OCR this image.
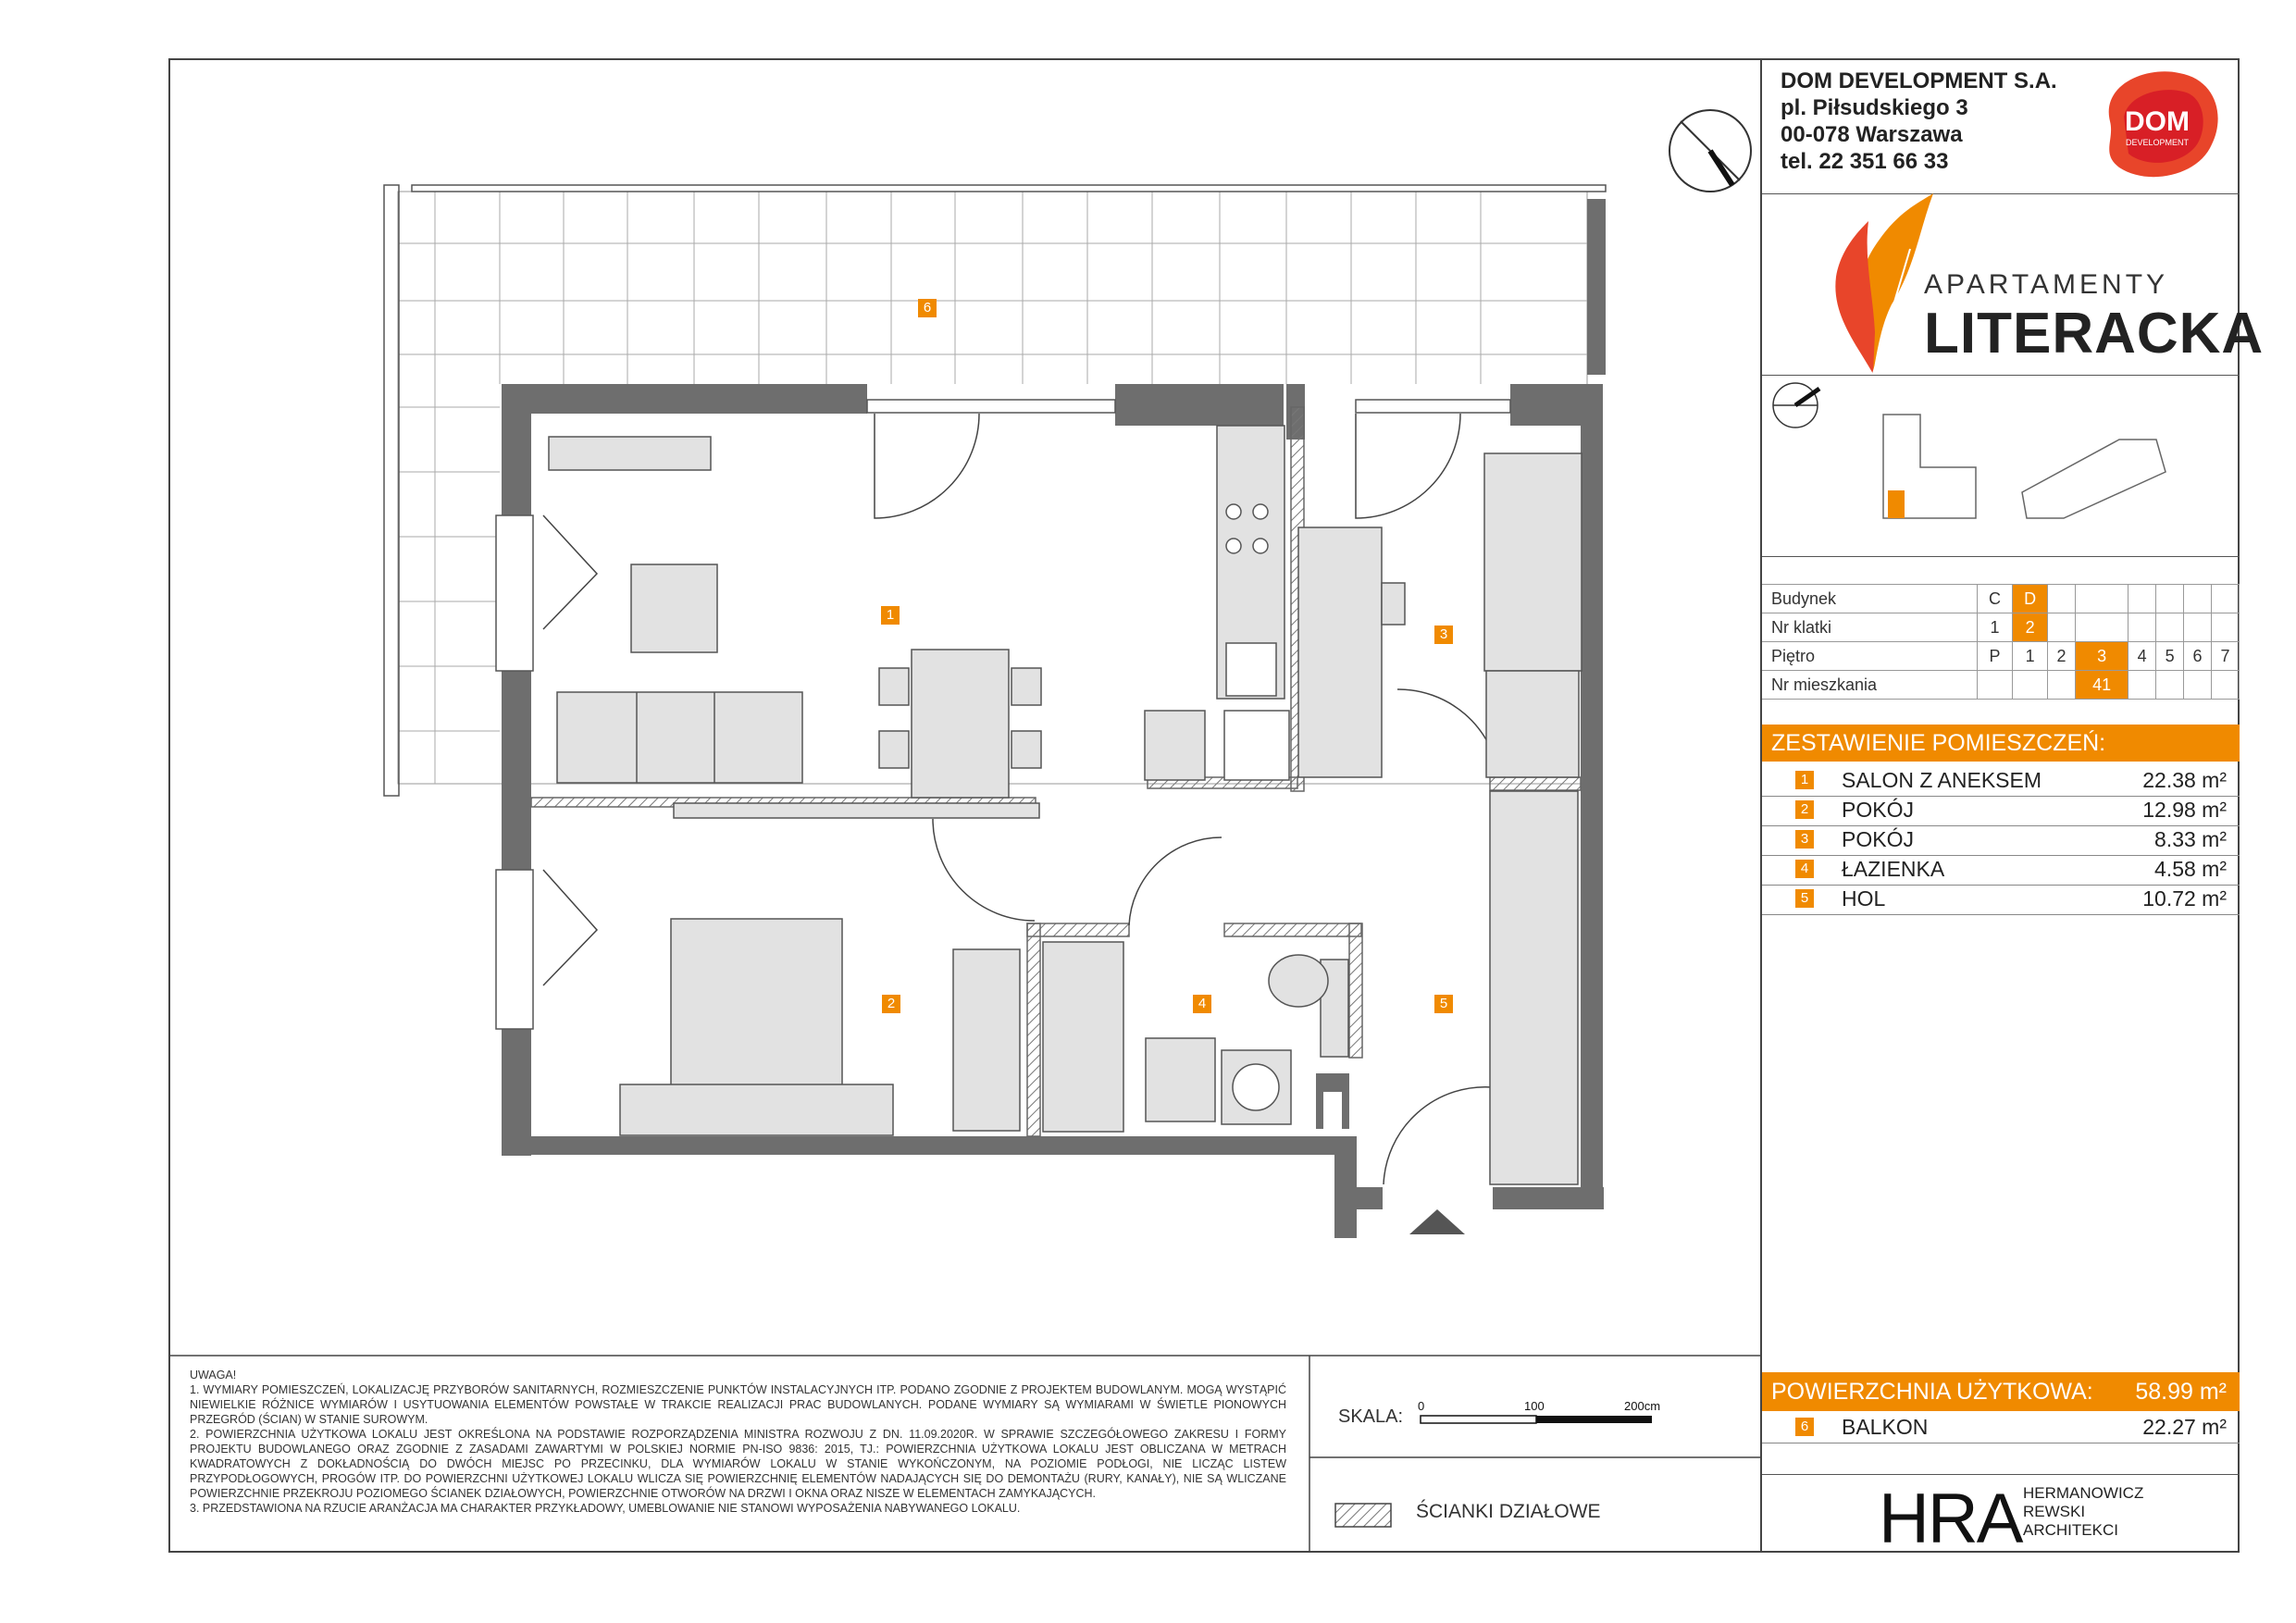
1
2
3
4	5
6
SKALA:
0	100	200cm
ŚCIANKI DZIAŁOWE
UWAGA!
1. WYMIARY POMIESZCZEŃ, LOKALIZACJĘ PRZYBORÓW SANITARNYCH, ROZMIESZCZENIE PUNKTÓW INSTALACYJNYCH ITP. PODANO ZGODNIE Z PROJEKTEM BUDOWLANYM. MOGĄ WYSTĄPIĆ NIEWIELKIE RÓŻNICE WYMIARÓW I USYTUOWANIA ELEMENTÓW POWSTAŁE W TRAKCIE REALIZACJI PRAC BUDOWLANYCH. PODANE WYMIARY SĄ WYMIARAMI W ŚWIETLE PIONOWYCH PRZEGRÓD (ŚCIAN) W STANIE SUROWYM.
2. POWIERZCHNIA UŻYTKOWA LOKALU JEST OKREŚLONA NA PODSTAWIE ROZPORZĄDZENIA MINISTRA ROZWOJU Z DN. 11.09.2020R. W SPRAWIE SZCZEGÓŁOWEGO ZAKRESU I FORMY PROJEKTU BUDOWLANEGO ORAZ ZGODNIE Z ZASADAMI ZAWARTYMI W POLSKIEJ NORMIE PN-ISO 9836: 2015, TJ.: POWIERZCHNIA UŻYTKOWA LOKALU JEST OBLICZANA W METRACH KWADRATOWYCH Z DOKŁADNOŚCIĄ DO DWÓCH MIEJSC PO PRZECINKU, DLA WYMIARÓW LOKALU W STANIE WYKOŃCZONYM, NA POZIOMIE PODŁOGI, NIE LICZĄC LISTEW PRZYPODŁOGOWYCH, PROGÓW ITP. DO POWIERZCHNI UŻYTKOWEJ LOKALU WLICZA SIĘ POWIERZCHNIĘ ELEMENTÓW NADAJĄCYCH SIĘ DO DEMONTAŻU (RURY, KANAŁY), NIE SĄ WLICZANE POWIERZCHNIE PRZEKROJU POZIOMEGO ŚCIANEK DZIAŁOWYCH, POWIERZCHNIE OTWORÓW NA DRZWI I OKNA ORAZ NISZE W ELEMENTACH ZAMYKAJĄCYCH.
3. PRZEDSTAWIONA NA RZUCIE ARANŻACJA MA CHARAKTER PRZYKŁADOWY, UMEBLOWANIE NIE STANOWI WYPOSAŻENIA NABYWANEGO LOKALU.	HRA HERMANOWICZ
REWSKI
ARCHITEKCI
DOM DEVELOPMENT S.A.
pl. Piłsudskiego 3
00-078 Warszawa
tel. 22 351 66 33
DOM
DEVELOPMENT
APARTAMENTY
LITERACKA
Budynek	C	D						
Nr klatki	1	2						
Piętro	P	1	2	3	4	5	6	7
Nr mieszkania				41				
ZESTAWIENIE POMIESZCZEŃ:
1 SALON Z ANEKSEM	22.38 m²
2 POKÓJ	12.98 m²
3 POKÓJ	8.33 m²
4 ŁAZIENKA	4.58 m²
5 HOL	10.72 m²
POWIERZCHNIA UŻYTKOWA: 58.99 m²
6 BALKON	22.27 m²
